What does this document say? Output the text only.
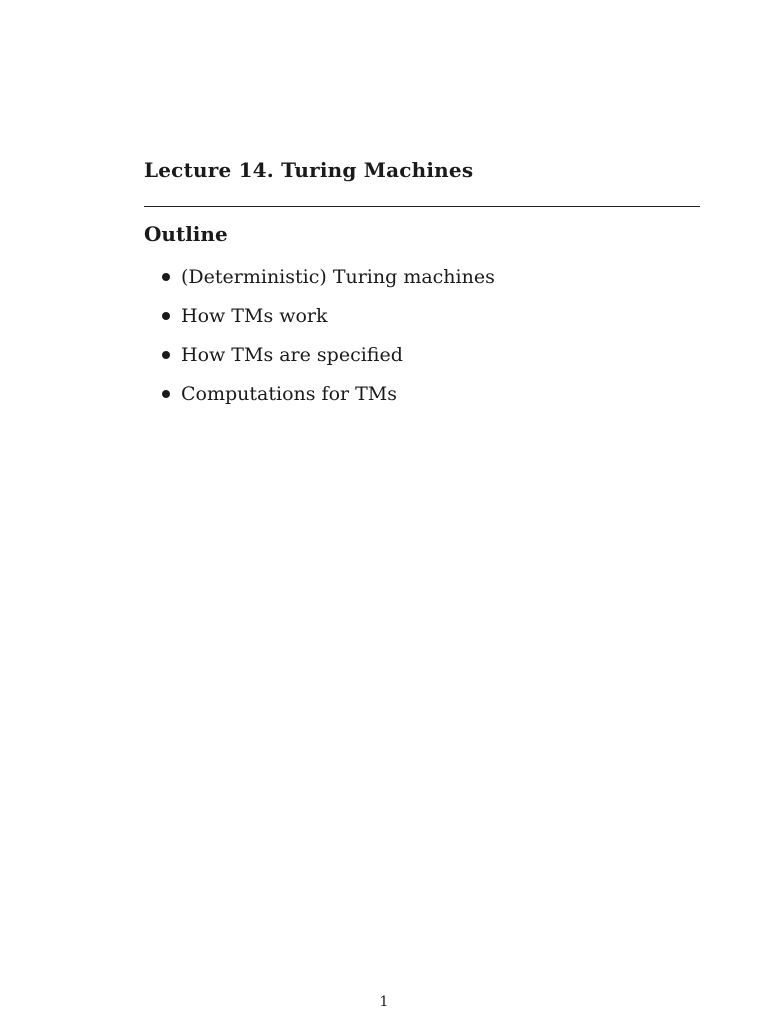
Lecture 14. Turing Machines
Outline
(Deterministic) Turing machines
How TMs work
How TMs are specified
Computations for TMs
1
